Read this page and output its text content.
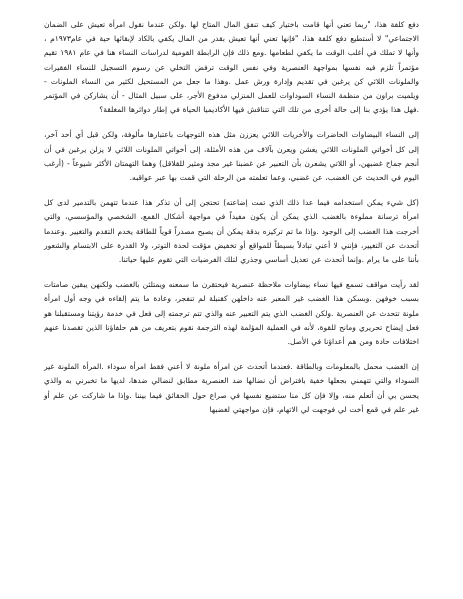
دفع كلفة هذا، "ربما تعني أنها قامت باختيار كيف تنفق المال المتاح لها .ولكن عندما نقول امرأة تعيش على الضمان الاجتماعي" لا أستطيع دفع كلفة هذا، "فإنها تعني أنها تعيش بقدر من المال يكفي بالكاد لإبقائها حية في عام١٩٧٣م ، وأنها لا تملك في أغلب الوقت ما يكفي لطعامها .ومع ذلك فإن الرابطة القومية لدراسات النساء هنا في عام ١٩٨١ تقيم مؤتمراً تلزم فيه نفسها بمواجهة العنصرية وفي نفس الوقت ترفض التخلي عن رسوم التسجيل للنساء الفقيرات والملونات اللائي كن يرغبن في تقديم وإدارة ورش عمل .وهذا ما جعل من المستحيل لكثير من النساء الملونات - ويلميت براون من منظمة النساء السوداوات للعمل المنزلي مدفوع الأجر، على سبيل المثال - أن يشاركن في المؤتمر .فهل هذا يؤدي بنا إلى حالة أخرى من تلك التي تتناقش فيها الأكاديميا الحياة في إطار دوائرها المغلقة؟

إلى النساء البيضاوات الحاضرات والأخريات اللائي يعززن مثل هذه التوجهات باعتبارها مألوفة، ولكن قبل أي أحد آخر، إلى كل أخواتي الملونات اللائي يعشن ويعرن بآلاف من هذه الأمثلة، إلى أخواتي الملونات اللائي لا يزلن يرغبن في أن أنجم جماح غضبهن، أو اللاتي يشعرن بأن التعبير عن غضبنا غير مجد ومثير للقلاقل) وهما التهمتان الأكثر شيوعاً - (أرغب اليوم في الحديث عن الغضب، عن غضبي، وعما تعلمته من الرحلة التي قمت بها عبر عواقبه.

(كل شيء يمكن استخدامه فيما عدا ذلك الذي تمت إضاعته) تحتجن إلى أن تذكر هذا عندما تتهمن بالتدمير لدى كل امرأة ترسانة مملوءة بالغضب الذي يمكن أن يكون مفيداً في مواجهة أشكال القمع، الشخصي والمؤسسي، والتي أخرجت هذا الغضب إلى الوجود .وإذا ما تم تركيزه بدقة يمكن أن يصبح مصدراً قوياً للطاقة يخدم التقدم والتغيير .وعندما أتحدث عن التغيير، فإنني لا أعني تبادلاً بسيطاً للمواقع أو تخفيض مؤقت لحدة التوتر، ولا القدرة على الابتسام والشعور بأننا على ما يرام .وإنما أتحدث عن تعديل أساسي وجذري لتلك الفرضيات التي تقوم عليها حياتنا.

لقد رأيت مواقف تسمع فيها نساء بيضاوات ملاحظة عنصرية فيحتقرن ما سمعنه ويمتلئن بالغضب ولكنهن يبقين صامتات بسبب خوفهن .وبسكن هذا الغضب غير المعبر عنه داخلهن كقنبلة لم تنفجر، وعادة ما يتم إلقاءه في وجه أول امرأة ملونة تتحدث عن العنصرية .ولكن الغضب الذي يتم التعبير عنه والذي تتم ترجمته إلى فعل في خدمة رؤيتنا ومستقبلنا هو فعل إيضاح تحريري ومانح للقوة، لأنه في العملية المؤلمة لهذه الترجمة نقوم بتعريف من هم حلفاؤنا الذين تقصدنا عنهم اختلافات حادة ومن هم أعداؤنا في الأصل.

إن الغضب محمل بالمعلومات وبالطاقة .فعندما أتحدث عن امرأة ملونة لا أعني فقط امرأة سوداء .المرأة الملونة غير السوداء والتي تتهمني بجعلها خفية بافتراض أن نضالها ضد العنصرية مطابق لنضالي ضدها، لديها ما تخبرني به والذي يحسن بي أن أتعلم منه، وإلا فإن كل منا ستضيع نفسها في صراع حول الحقائق فيما بيننا .وإذا ما شاركت عن علم أو غير علم في قمع أخت لي فوجهت لي الاتهام، فإن مواجهتي لغضبها
